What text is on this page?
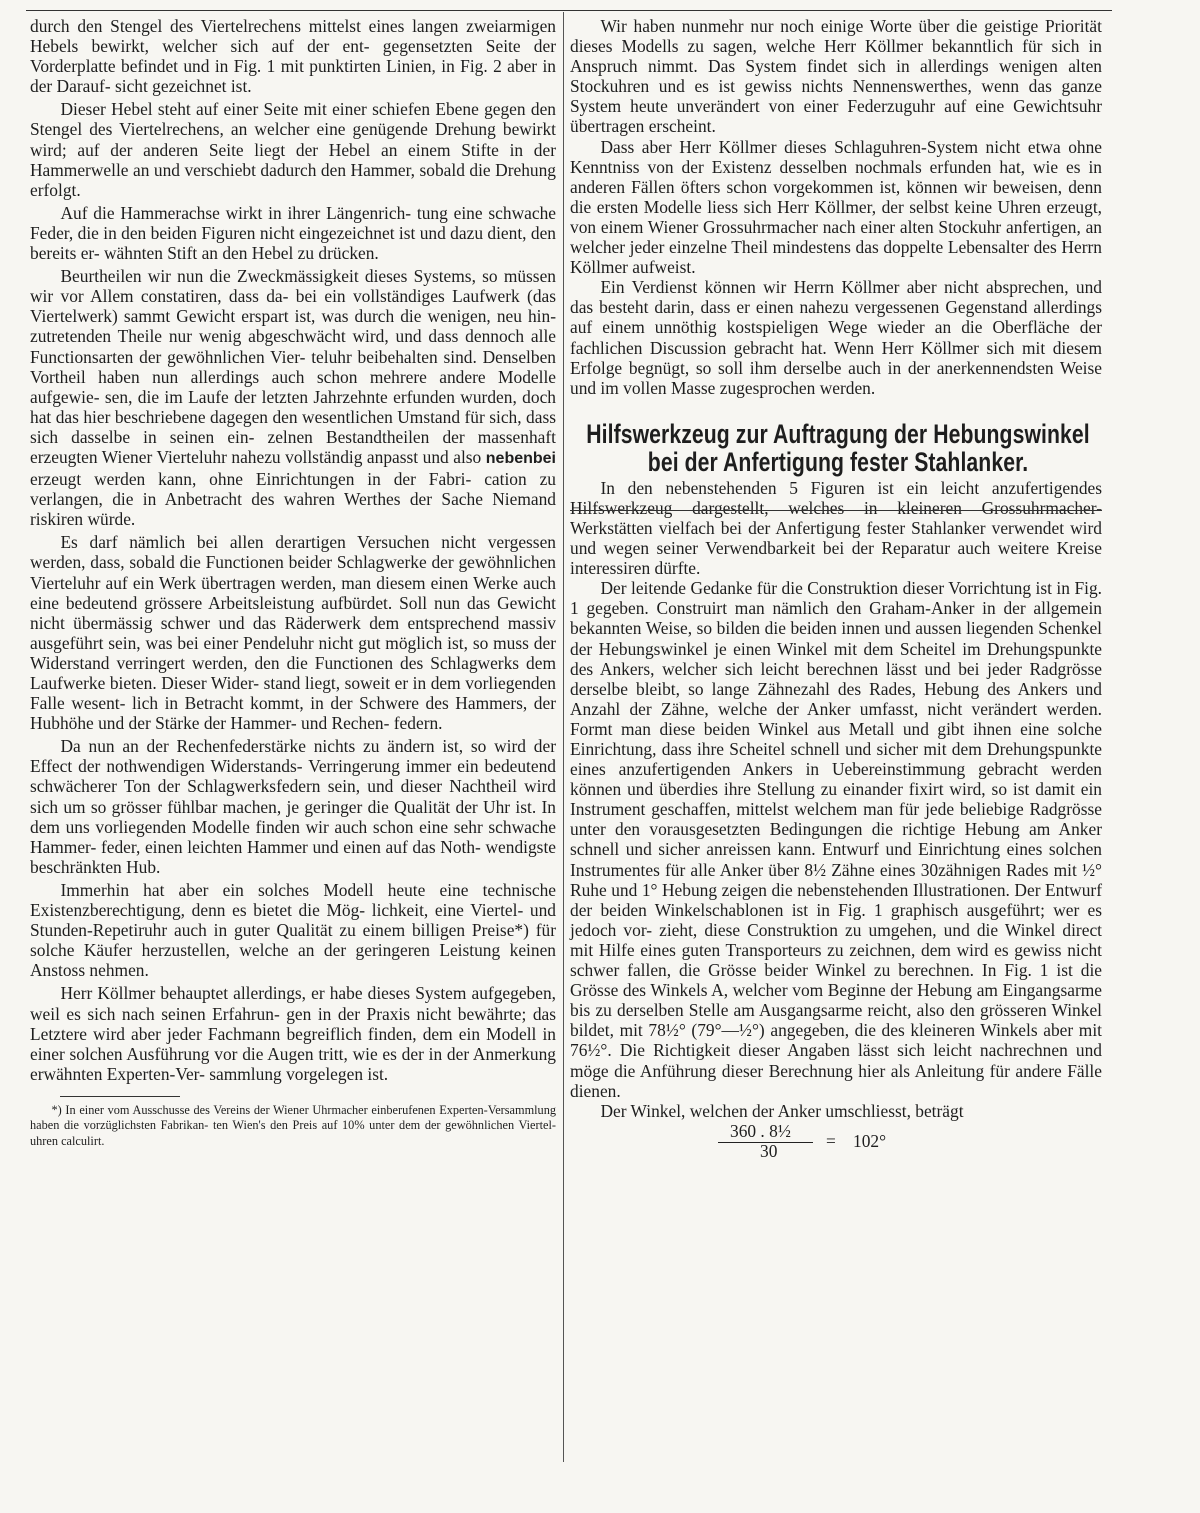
durch den Stengel des Viertelrechens mittelst eines langen zweiarmigen Hebels bewirkt, welcher sich auf der ent- gegensetzten Seite der Vorderplatte befindet und in Fig. 1 mit punktirten Linien, in Fig. 2 aber in der Darauf- sicht gezeichnet ist.

Dieser Hebel steht auf einer Seite mit einer schiefen Ebene gegen den Stengel des Viertelrechens, an welcher eine genügende Drehung bewirkt wird; auf der anderen Seite liegt der Hebel an einem Stifte in der Hammerwelle an und verschiebt dadurch den Hammer, sobald die Drehung erfolgt.

Auf die Hammerachse wirkt in ihrer Längenrich- tung eine schwache Feder, die in den beiden Figuren nicht eingezeichnet ist und dazu dient, den bereits er- wähnten Stift an den Hebel zu drücken.

Beurtheilen wir nun die Zweckmässigkeit dieses Systems, so müssen wir vor Allem constatiren, dass da- bei ein vollständiges Laufwerk (das Viertelwerk) sammt Gewicht erspart ist, was durch die wenigen, neu hin- zutretenden Theile nur wenig abgeschwächt wird, und dass dennoch alle Functionsarten der gewöhnlichen Vier- teluhr beibehalten sind. Denselben Vortheil haben nun allerdings auch schon mehrere andere Modelle aufgewie- sen, die im Laufe der letzten Jahrzehnte erfunden wurden, doch hat das hier beschriebene dagegen den wesentlichen Umstand für sich, dass sich dasselbe in seinen ein- zelnen Bestandtheilen der massenhaft erzeugten Wiener Vierteluhr nahezu vollständig anpasst und also nebenbei erzeugt werden kann, ohne Einrichtungen in der Fabri- cation zu verlangen, die in Anbetracht des wahren Werthes der Sache Niemand riskiren würde.

Es darf nämlich bei allen derartigen Versuchen nicht vergessen werden, dass, sobald die Functionen beider Schlagwerke der gewöhnlichen Vierteluhr auf ein Werk übertragen werden, man diesem einen Werke auch eine bedeutend grössere Arbeitsleistung aufbürdet. Soll nun das Gewicht nicht übermässig schwer und das Räderwerk dem entsprechend massiv ausgeführt sein, was bei einer Pendeluhr nicht gut möglich ist, so muss der Widerstand verringert werden, den die Functionen des Schlagwerks dem Laufwerke bieten. Dieser Wider- stand liegt, soweit er in dem vorliegenden Falle wesent- lich in Betracht kommt, in der Schwere des Hammers, der Hubhöhe und der Stärke der Hammer- und Rechen- federn.

Da nun an der Rechenfederstärke nichts zu ändern ist, so wird der Effect der nothwendigen Widerstands- Verringerung immer ein bedeutend schwächerer Ton der Schlagwerksfedern sein, und dieser Nachtheil wird sich um so grösser fühlbar machen, je geringer die Qualität der Uhr ist. In dem uns vorliegenden Modelle finden wir auch schon eine sehr schwache Hammer- feder, einen leichten Hammer und einen auf das Noth- wendigste beschränkten Hub.

Immerhin hat aber ein solches Modell heute eine technische Existenzberechtigung, denn es bietet die Mög- lichkeit, eine Viertel- und Stunden-Repetiruhr auch in guter Qualität zu einem billigen Preise*) für solche Käufer herzustellen, welche an der geringeren Leistung keinen Anstoss nehmen.

Herr Köllmer behauptet allerdings, er habe dieses System aufgegeben, weil es sich nach seinen Erfahrun- gen in der Praxis nicht bewährte; das Letztere wird aber jeder Fachmann begreiflich finden, dem ein Modell in einer solchen Ausführung vor die Augen tritt, wie es der in der Anmerkung erwähnten Experten-Ver- sammlung vorgelegen ist.

*) In einer vom Ausschusse des Vereins der Wiener Uhrmacher einberufenen Experten-Versammlung haben die vorzüglichsten Fabrikan- ten Wien's den Preis auf 10% unter dem der gewöhnlichen Viertel- uhren calculirt.

Wir haben nunmehr nur noch einige Worte über die geistige Priorität dieses Modells zu sagen, welche Herr Köllmer bekanntlich für sich in Anspruch nimmt. Das System findet sich in allerdings wenigen alten Stockuhren und es ist gewiss nichts Nennenswerthes, wenn das ganze System heute unverändert von einer Federzuguhr auf eine Gewichtsuhr übertragen erscheint.

Dass aber Herr Köllmer dieses Schlaguhren-System nicht etwa ohne Kenntniss von der Existenz desselben nochmals erfunden hat, wie es in anderen Fällen öfters schon vorgekommen ist, können wir beweisen, denn die ersten Modelle liess sich Herr Köllmer, der selbst keine Uhren erzeugt, von einem Wiener Grossuhrmacher nach einer alten Stockuhr anfertigen, an welcher jeder einzelne Theil mindestens das doppelte Lebensalter des Herrn Köllmer aufweist.

Ein Verdienst können wir Herrn Köllmer aber nicht absprechen, und das besteht darin, dass er einen nahezu vergessenen Gegenstand allerdings auf einem unnöthig kostspieligen Wege wieder an die Oberfläche der fachlichen Discussion gebracht hat. Wenn Herr Köllmer sich mit diesem Erfolge begnügt, so soll ihm derselbe auch in der anerkennendsten Weise und im vollen Masse zugesprochen werden.

Hilfswerkzeug zur Auftragung der Hebungswinkel
bei der Anfertigung fester Stahlanker.

In den nebenstehenden 5 Figuren ist ein leicht anzufertigendes Hilfswerkzeug dargestellt, welches in kleineren Grossuhrmacher-Werkstätten vielfach bei der Anfertigung fester Stahlanker verwendet wird und wegen seiner Verwendbarkeit bei der Reparatur auch weitere Kreise interessiren dürfte.

Der leitende Gedanke für die Construktion dieser Vorrichtung ist in Fig. 1 gegeben. Construirt man nämlich den Graham-Anker in der allgemein bekannten Weise, so bilden die beiden innen und aussen liegenden Schenkel der Hebungswinkel je einen Winkel mit dem Scheitel im Drehungspunkte des Ankers, welcher sich leicht berechnen lässt und bei jeder Radgrösse derselbe bleibt, so lange Zähnezahl des Rades, Hebung des Ankers und Anzahl der Zähne, welche der Anker umfasst, nicht verändert werden. Formt man diese beiden Winkel aus Metall und gibt ihnen eine solche Einrichtung, dass ihre Scheitel schnell und sicher mit dem Drehungspunkte eines anzufertigenden Ankers in Uebereinstimmung gebracht werden können und überdies ihre Stellung zu einander fixirt wird, so ist damit ein Instrument geschaffen, mittelst welchem man für jede beliebige Radgrösse unter den vorausgesetzten Bedingungen die richtige Hebung am Anker schnell und sicher anreissen kann. Entwurf und Einrichtung eines solchen Instrumentes für alle Anker über 8½ Zähne eines 30zähnigen Rades mit ½° Ruhe und 1° Hebung zeigen die nebenstehenden Illustrationen. Der Entwurf der beiden Winkelschablonen ist in Fig. 1 graphisch ausgeführt; wer es jedoch vor- zieht, diese Construktion zu umgehen, und die Winkel direct mit Hilfe eines guten Transporteurs zu zeichnen, dem wird es gewiss nicht schwer fallen, die Grösse beider Winkel zu berechnen. In Fig. 1 ist die Grösse des Winkels A, welcher vom Beginne der Hebung am Eingangsarme bis zu derselben Stelle am Ausgangsarme reicht, also den grösseren Winkel bildet, mit 78½° (79°—½°) angegeben, die des kleineren Winkels aber mit 76½°. Die Richtigkeit dieser Angaben lässt sich leicht nachrechnen und möge die Anführung dieser Berechnung hier als Anleitung für andere Fälle dienen.

Der Winkel, welchen der Anker umschliesst, beträgt

360 . 8½
30	= 102°
